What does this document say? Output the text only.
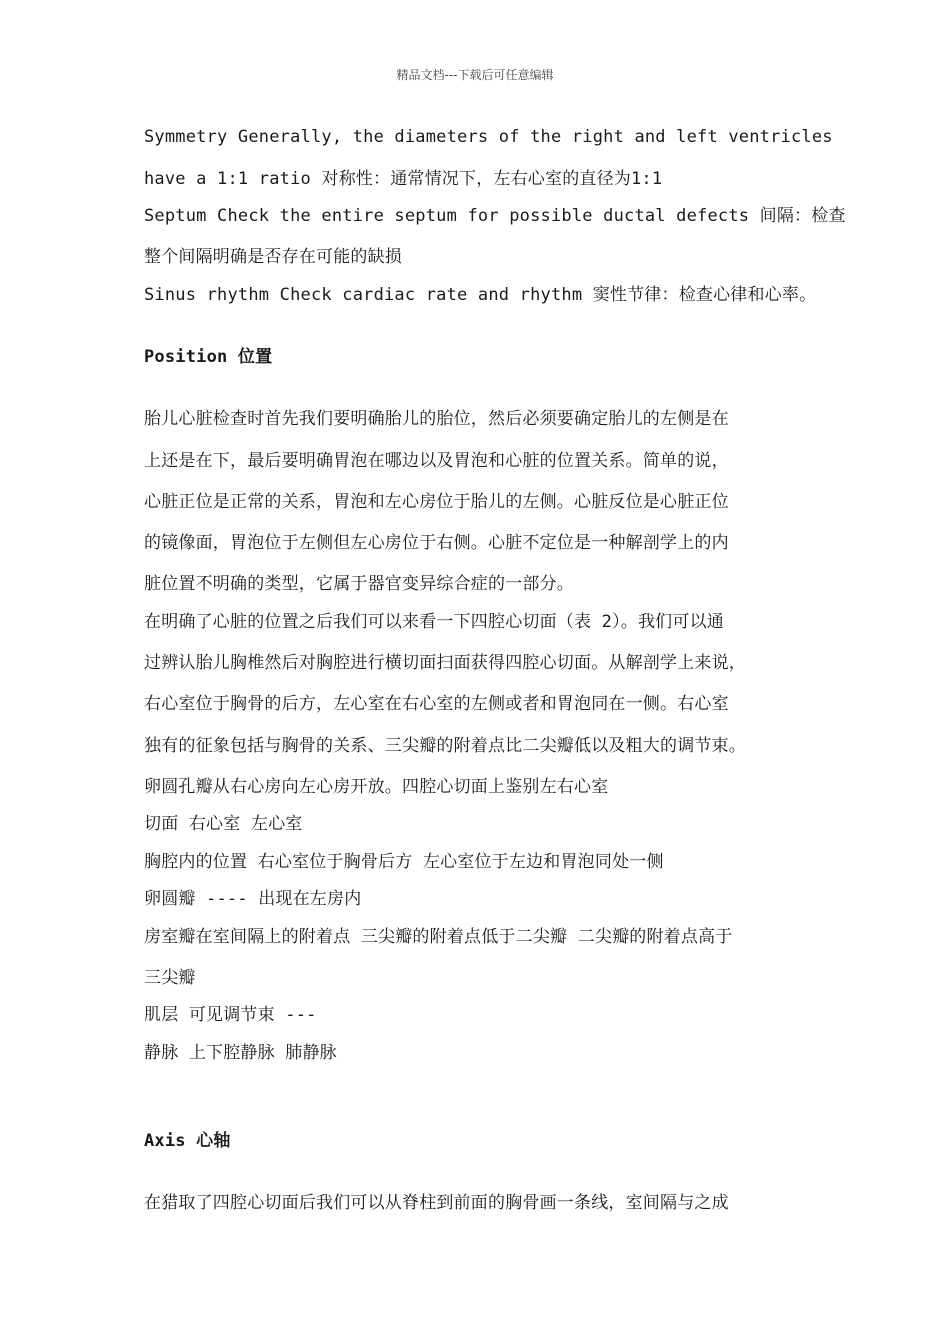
精品文档---下载后可任意编辑
Symmetry Generally, the diameters of the right and left ventricles
have a 1:1 ratio 对称性：通常情况下，左右心室的直径为1:1
Septum Check the entire septum for possible ductal defects 间隔：检查
整个间隔明确是否存在可能的缺损
Sinus rhythm Check cardiac rate and rhythm 窦性节律：检查心律和心率。
Position 位置
胎儿心脏检查时首先我们要明确胎儿的胎位，然后必须要确定胎儿的左侧是在
上还是在下，最后要明确胃泡在哪边以及胃泡和心脏的位置关系。简单的说，
心脏正位是正常的关系，胃泡和左心房位于胎儿的左侧。心脏反位是心脏正位
的镜像面，胃泡位于左侧但左心房位于右侧。心脏不定位是一种解剖学上的内
脏位置不明确的类型，它属于器官变异综合症的一部分。
在明确了心脏的位置之后我们可以来看一下四腔心切面（表 2）。我们可以通
过辨认胎儿胸椎然后对胸腔进行横切面扫面获得四腔心切面。从解剖学上来说，
右心室位于胸骨的后方，左心室在右心室的左侧或者和胃泡同在一侧。右心室
独有的征象包括与胸骨的关系、三尖瓣的附着点比二尖瓣低以及粗大的调节束。
卵圆孔瓣从右心房向左心房开放。四腔心切面上鉴别左右心室
切面 右心室 左心室
胸腔内的位置 右心室位于胸骨后方 左心室位于左边和胃泡同处一侧
卵圆瓣 ---- 出现在左房内
房室瓣在室间隔上的附着点 三尖瓣的附着点低于二尖瓣 二尖瓣的附着点高于
三尖瓣
肌层 可见调节束 ---
静脉 上下腔静脉 肺静脉
Axis 心轴
在猎取了四腔心切面后我们可以从脊柱到前面的胸骨画一条线，室间隔与之成
